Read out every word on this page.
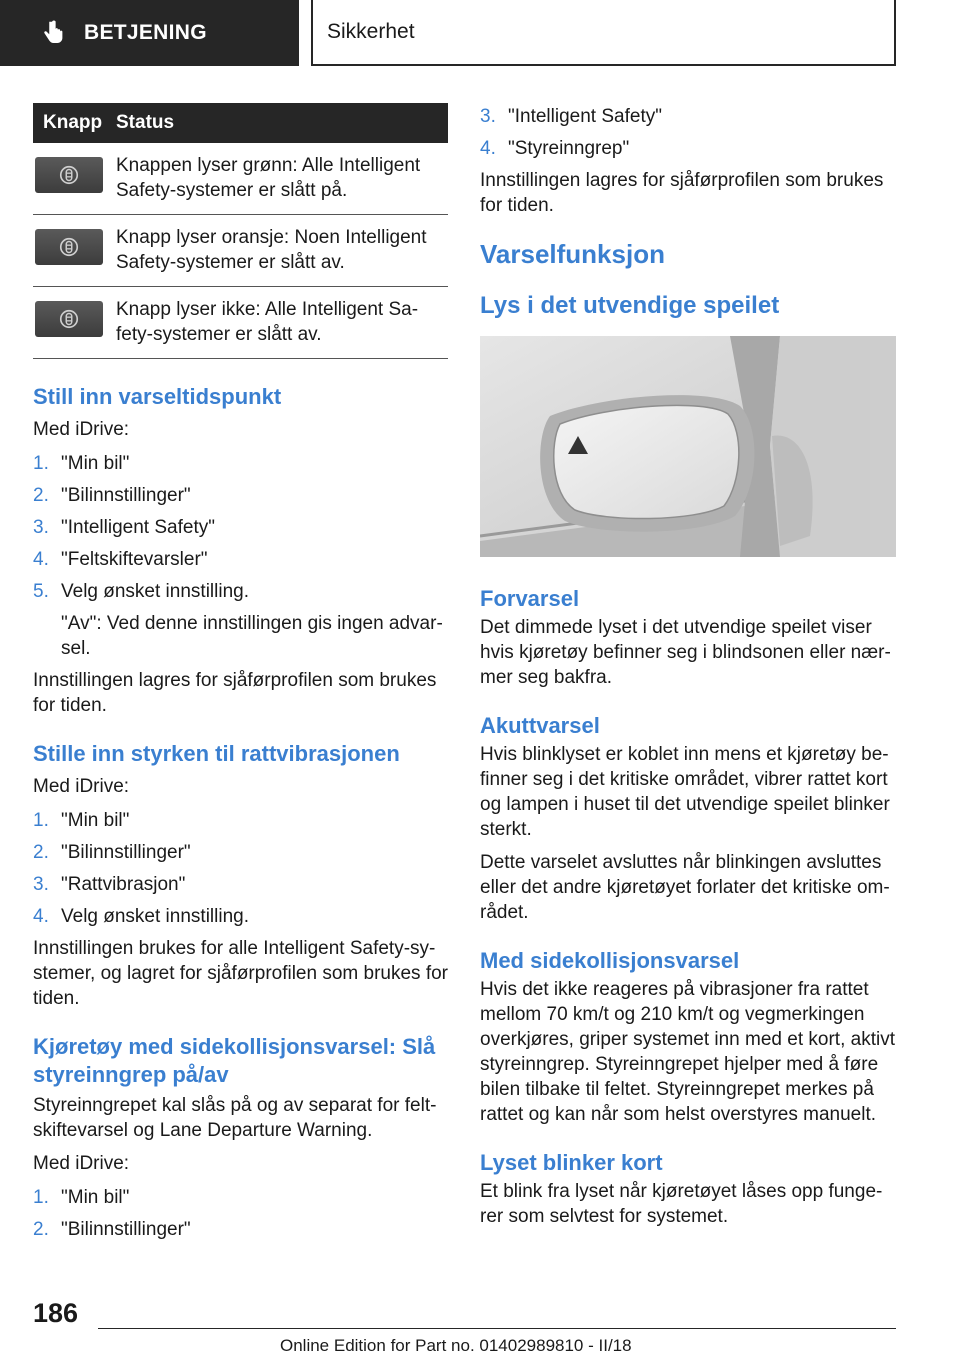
BETJENING	Sikkerhet
Knapp Status
Knappen lyser grønn: Alle Intelligent Safety-systemer er slått på.
Knapp lyser oransje: Noen Intelligent Safety-systemer er slått av.
Knapp lyser ikke: Alle Intelligent Sa-fety-systemer er slått av.
Still inn varseltidspunkt

Med iDrive:

1. "Min bil"
2. "Bilinnstillinger"
3. "Intelligent Safety"
4. "Feltskiftevarsler"
5. Velg ønsket innstilling.

"Av": Ved denne innstillingen gis ingen advar-sel.

Innstillingen lagres for sjåførprofilen som brukes for tiden.

Stille inn styrken til rattvibrasjonen

Med iDrive:

1. "Min bil"
2. "Bilinnstillinger"
3. "Rattvibrasjon"
4. Velg ønsket innstilling.

Innstillingen brukes for alle Intelligent Safety-sy-stemer, og lagret for sjåførprofilen som brukes for tiden.

Kjøretøy med sidekollisjonsvarsel: Slå styreinngrep på/av

Styreinngrepet kal slås på og av separat for felt-skiftevarsel og Lane Departure Warning.

Med iDrive:

1. "Min bil"
2. "Bilinnstillinger"
3. "Intelligent Safety"
4. "Styreinngrep"

Innstillingen lagres for sjåførprofilen som brukes for tiden.

Varselfunksjon
Lys i det utvendige speilet
Forvarsel

Det dimmede lyset i det utvendige speilet viser hvis kjøretøy befinner seg i blindsonen eller nær-mer seg bakfra.

Akuttvarsel

Hvis blinklyset er koblet inn mens et kjøretøy be-finner seg i det kritiske området, vibrer rattet kort og lampen i huset til det utvendige speilet blinker sterkt.

Dette varselet avsluttes når blinkingen avsluttes eller det andre kjøretøyet forlater det kritiske om-rådet.

Med sidekollisjonsvarsel

Hvis det ikke reageres på vibrasjoner fra rattet mellom 70 km/t og 210 km/t og vegmerkingen overkjøres, griper systemet inn med et kort, aktivt styreinngrep. Styreinngrepet hjelper med å føre bilen tilbake til feltet. Styreinngrepet merkes på rattet og kan når som helst overstyres manuelt.

Lyset blinker kort

Et blink fra lyset når kjøretøyet låses opp funge-rer som selvtest for systemet.

186
Online Edition for Part no. 01402989810 - II/18
